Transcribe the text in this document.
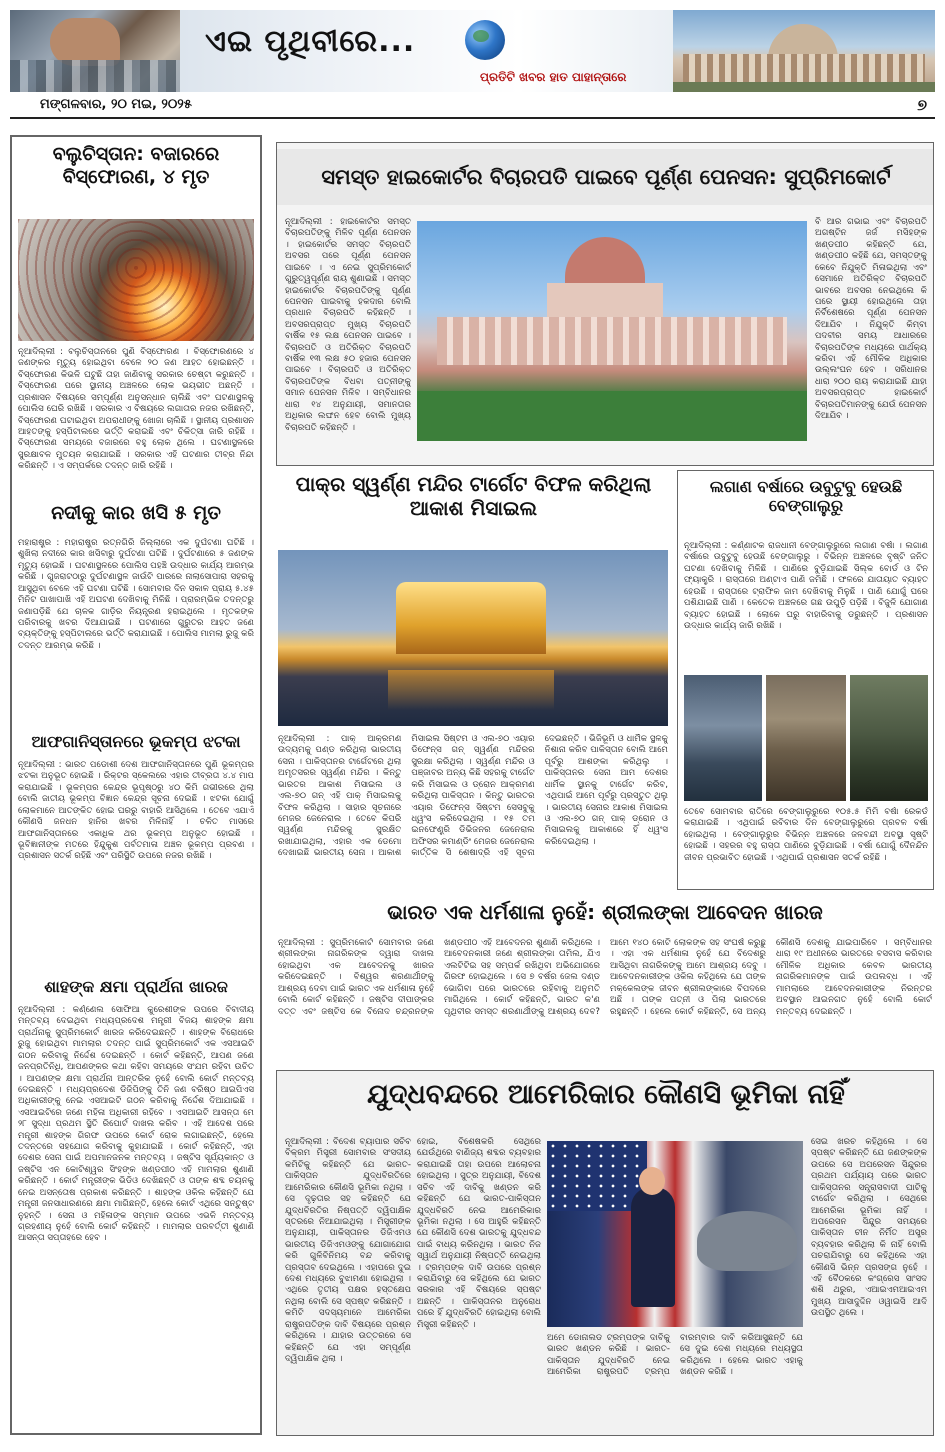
ଏଇ ପୃଥିବୀରେ...
ପ୍ରତିଟି ଖବର ହାତ ପାହାନ୍ତାରେ
ମଙ୍ଗଳବାର, ୨୦ ମଇ, ୨୦୨୫	୭
ବଲୁଚିସ୍ତାନ: ବଜାରରେ ବିସ୍ଫୋରଣ, ୪ ମୃତ
ନୂଆଦିଲ୍ଲୀ : ବଲୁଚିସ୍ତାନରେ ପୁଣି ବିସ୍ଫୋରଣ । ବିସ୍ଫୋରଣରେ ୪ ଜଣଙ୍କର ମୃତ୍ୟୁ ହୋଇଥିବା ବେଳେ ୨୦ ଜଣ ଆହତ ହୋଇଛନ୍ତି । ବିସ୍ଫୋରଣ କିଭଳି ଘଟୁଛି ତାହା ଜାଣିବାକୁ ସରକାର ଚେଷ୍ଟା କରୁଛନ୍ତି । ବିସ୍ଫୋରଣ ପରେ ସ୍ଥାନୀୟ ଅଞ୍ଚଳରେ ଲୋକ ଭୟଭୀତ ଅଛନ୍ତି । ପ୍ରଶାସନ ବିଷୟରେ ସମ୍ପୂର୍ଣ୍ଣ ଅନୁସନ୍ଧାନ ଚାଲିଛି ଏବଂ ଘଟଣାସ୍ଥଳକୁ ପୋଲିସ ଘେରି ରଖିଛି । ସରକାର ଏ ବିଷୟରେ ଲଗାତାର ନଜର ରଖିଛନ୍ତି, ବିସ୍ଫୋରଣ ଘଟାଇଥିବା ଅପରାଧୀଙ୍କୁ ଖୋଜା ଚାଲିଛି । ସ୍ଥାନୀୟ ପ୍ରଶାସନ ଆହତଙ୍କୁ ହସ୍ପିଟାଲରେ ଭର୍ତ୍ତି କରାଇଛି ଏବଂ ଚିକିତ୍ସା ଜାରି ରହିଛି । ବିସ୍ଫୋରଣ ସମୟରେ ବଜାରରେ ବହୁ ଲୋକ ଥିଲେ । ଘଟଣାସ୍ଥଳରେ ସୁରକ୍ଷାବଳ ମୁତୟନ କରାଯାଇଛି । ସରକାର ଏହି ଘଟଣାର ତୀବ୍ର ନିନ୍ଦା କରିଛନ୍ତି । ଏ ସମ୍ପର୍କରେ ତଦନ୍ତ ଜାରି ରହିଛି ।
ନଦୀକୁ କାର ଖସି ୫ ମୃତ
ମହାରାଷ୍ଟ୍ର : ମହାରାଷ୍ଟ୍ର ରତ୍ନଗିରି ଜିଲ୍ଲାରେ ଏକ ଦୁର୍ଘଟଣା ଘଟିଛି । ଶୁଖିଲା ନଦୀରେ କାର ଖସିବାରୁ ଦୁର୍ଘଟଣା ଘଟିଛି । ଦୁର୍ଘଟଣାରେ ୫ ଜଣଙ୍କ ମୃତ୍ୟୁ ହୋଇଛି । ଘଟଣାସ୍ଥଳରେ ପୋଲିସ ପହଞ୍ଚି ଉଦ୍ଧାର କାର୍ଯ୍ୟ ଆରମ୍ଭ କରିଛି । ଗୁଜରାଟଠାରୁ ଦୁର୍ଘଟଣାସ୍ଥଳ ଜାଉଁଟି ପାରରେ ନାଲାସୋପାରା ସହରକୁ ଆସୁଥିବା ବେଳେ ଏହି ଘଟଣା ଘଟିଛି । ସୋମବାର ଦିନ ସକାଳ ପ୍ରାୟ ୫.୪୫ ମିନିଟ ପାଖାପାଖି ଏହି ଅଘଟଣ ଦେଖିବାକୁ ମିଳିଛି । ପ୍ରାରମ୍ଭିକ ତଦନ୍ତରୁ ଜଣାପଡ଼ିଛି ଯେ ଚାଳକ ଗାଡ଼ିର ନିୟନ୍ତ୍ରଣ ହରାଇଥିଲେ । ମୃତକଙ୍କ ପରିବାରକୁ ଖବର ଦିଆଯାଇଛି । ଘଟଣାରେ ଗୁରୁତର ଆହତ ଜଣେ ବ୍ୟକ୍ତିଙ୍କୁ ହସ୍ପିଟାଲରେ ଭର୍ତ୍ତି କରାଯାଇଛି । ପୋଲିସ ମାମଲା ରୁଜୁ କରି ତଦନ୍ତ ଆରମ୍ଭ କରିଛି ।
ଆଫଗାନିସ୍ତାନରେ ଭୂକମ୍ପ ଝଟକା
ନୂଆଦିଲ୍ଲୀ : ଭାରତ ପଡୋଶୀ ଦେଶ ଆଫଗାନିସ୍ତାନରେ ପୁଣି ଭୂକମ୍ପର ଝଟକା ଅନୁଭୂତ ହୋଇଛି । ରିକ୍ଟର ସ୍କେଲରେ ଏହାର ତୀବ୍ରତା ୪.୪ ମାପ କରାଯାଇଛି । ଭୂକମ୍ପର କେନ୍ଦ୍ର ଭୂପୃଷ୍ଠରୁ ୪୦ କିମି ଗଭୀରରେ ଥିଲା ବୋଲି ଜାତୀୟ ଭୂକମ୍ପ ବିଜ୍ଞାନ କେନ୍ଦ୍ର ସୂଚନା ଦେଇଛି । ଝଟକା ଯୋଗୁଁ ଲୋକମାନେ ଆତଙ୍କିତ ହୋଇ ଘରରୁ ବାହାରି ଆସିଥିଲେ । ତେବେ ଏଯାଏଁ କୌଣସି ଜନଧନ ହାନିର ଖବର ମିଳିନାହିଁ । ଚଳିତ ମାସରେ ଆଫଗାନିସ୍ତାନରେ ଏକାଧିକ ଥର ଭୂକମ୍ପ ଅନୁଭୂତ ହୋଇଛି । ଭୂବିଜ୍ଞାନୀଙ୍କ ମତରେ ହିନ୍ଦୁକୁଶ ପର୍ବତମାଳା ଅଞ୍ଚଳ ଭୂକମ୍ପ ପ୍ରବଣ । ପ୍ରଶାସନ ସତର୍କ ରହିଛି ଏବଂ ପରିସ୍ଥିତି ଉପରେ ନଜର ରଖିଛି ।
ଶାହଙ୍କ କ୍ଷମା ପ୍ରାର୍ଥନା ଖାରଜ
ନୂଆଦିଲ୍ଲୀ : କର୍ଣ୍ଣେଲ ସୋଫିଆ କୁରେଶୀଙ୍କ ଉପରେ ବିବାଦୀୟ ମନ୍ତବ୍ୟ ଦେଇଥିବା ମଧ୍ୟପ୍ରଦେଶ ମନ୍ତ୍ରୀ ବିଜୟ ଶାହଙ୍କ କ୍ଷମା ପ୍ରାର୍ଥନାକୁ ସୁପ୍ରିମକୋର୍ଟ ଖାରଜ କରିଦେଇଛନ୍ତି । ଶାହଙ୍କ ବିରୋଧରେ ରୁଜୁ ହୋଇଥିବା ମାମଲାର ତଦନ୍ତ ପାଇଁ ସୁପ୍ରିମକୋର୍ଟ ଏକ ଏସଆଇଟି ଗଠନ କରିବାକୁ ନିର୍ଦ୍ଦେଶ ଦେଇଛନ୍ତି । କୋର୍ଟ କହିଛନ୍ତି, ଆପଣ ଜଣେ ଜନପ୍ରତିନିଧି, ଆପଣଙ୍କର କଥା କହିବା ସମୟରେ ସଂଯମ ରହିବା ଉଚିତ । ଆପଣଙ୍କ କ୍ଷମା ପ୍ରାର୍ଥନା ଆନ୍ତରିକ ନୁହେଁ ବୋଲି କୋର୍ଟ ମନ୍ତବ୍ୟ ଦେଇଛନ୍ତି । ମଧ୍ୟପ୍ରଦେଶ ଡିଜିପିଙ୍କୁ ତିନି ଜଣ ବରିଷ୍ଠ ଆଇପିଏସ ଅଧିକାରୀଙ୍କୁ ନେଇ ଏସଆଇଟି ଗଠନ କରିବାକୁ ନିର୍ଦ୍ଦେଶ ଦିଆଯାଇଛି । ଏସଆଇଟିରେ ଜଣେ ମହିଳା ଅଧିକାରୀ ରହିବେ । ଏସଆଇଟି ଆସନ୍ତା ମେ ୨୮ ସୁଦ୍ଧା ପ୍ରଥମ ସ୍ଥିତି ରିପୋର୍ଟ ଦାଖଲ କରିବ । ଏହି ଆଦେଶ ପରେ ମନ୍ତ୍ରୀ ଶାହଙ୍କ ଗିରଫ ଉପରେ କୋର୍ଟ ରୋକ ଲଗାଇଛନ୍ତି, ହେଲେ ତଦନ୍ତରେ ସହଯୋଗ କରିବାକୁ କୁହାଯାଇଛି । କୋର୍ଟ କହିଛନ୍ତି, ଏହା ଦେଶର ସେନା ପାଇଁ ଅପମାନଜନକ ମନ୍ତବ୍ୟ । ଜଷ୍ଟିସ ସୂର୍ଯ୍ୟକାନ୍ତ ଓ ଜଷ୍ଟିସ ଏନ କୋଟିଶ୍ୱର ସିଂହଙ୍କ ଖଣ୍ଡପୀଠ ଏହି ମାମଲାର ଶୁଣାଣି କରିଛନ୍ତି । କୋର୍ଟ ମନ୍ତ୍ରୀଙ୍କ ଭିଡିଓ ଦେଖିଛନ୍ତି ଓ ତାଙ୍କ ଶବ୍ଦ ଚୟନକୁ ନେଇ ଅସନ୍ତୋଷ ପ୍ରକାଶ କରିଛନ୍ତି । ଶାହଙ୍କ ଓକିଲ କହିଛନ୍ତି ଯେ ମନ୍ତ୍ରୀ ଜନସାଧାରଣରେ କ୍ଷମା ମାଗିଛନ୍ତି, ହେଲେ କୋର୍ଟ ଏଥିରେ ସନ୍ତୁଷ୍ଟ ନୁହନ୍ତି । ସେନା ଓ ମହିଳାଙ୍କ ସମ୍ମାନ ଉପରେ ଏଭଳି ମନ୍ତବ୍ୟ ଗ୍ରହଣୀୟ ନୁହେଁ ବୋଲି କୋର୍ଟ କହିଛନ୍ତି । ମାମଲାର ପରବର୍ତ୍ତୀ ଶୁଣାଣି ଆସନ୍ତା ସପ୍ତାହରେ ହେବ ।
ସମସ୍ତ ହାଇକୋର୍ଟର ବିଚାରପତି ପାଇବେ ପୂର୍ଣ୍ଣ ପେନସନ: ସୁପ୍ରିମକୋର୍ଟ
ନୂଆଦିଲ୍ଲୀ : ହାଇକୋର୍ଟର ସମସ୍ତ ବିଚାରପତିଙ୍କୁ ମିଳିବ ପୂର୍ଣ୍ଣ ପେନସନ । ହାଇକୋର୍ଟର ସମସ୍ତ ବିଚାରପତି ଅବସର ପରେ ପୂର୍ଣ୍ଣ ପେନସନ ପାଇବେ । ଏ ନେଇ ସୁପ୍ରିମକୋର୍ଟ ଗୁରୁତ୍ୱପୂର୍ଣ୍ଣ ରାୟ ଶୁଣାଇଛି । ସମସ୍ତ ହାଇକୋର୍ଟର ବିଚାରପତିଙ୍କୁ ପୂର୍ଣ୍ଣ ପେନସନ ପାଇବାକୁ ହକଦାର ବୋଲି ପ୍ରଧାନ ବିଚାରପତି କହିଛନ୍ତି । ଅବସରପ୍ରାପ୍ତ ମୁଖ୍ୟ ବିଚାରପତି ବାର୍ଷିକ ୧୫ ଲକ୍ଷ ପେନସନ ପାଇବେ । ବିଚାରପତି ଓ ଅତିରିକ୍ତ ବିଚାରପତି ବାର୍ଷିକ ୧୩ ଲକ୍ଷ ୫୦ ହଜାର ପେନସନ ପାଇବେ । ବିଚାରପତି ଓ ଅତିରିକ୍ତ ବିଚାରପତିଙ୍କ ବିଧବା ପତ୍ନୀଙ୍କୁ ସମାନ ପେନସନ ମିଳିବ । ସମ୍ବିଧାନର ଧାରା ୧୪ ଅନୁଯାୟୀ, ସମାନତାର ଅଧିକାର ଲଙ୍ଘନ ହେବ ବୋଲି ମୁଖ୍ୟ ବିଚାରପତି କହିଛନ୍ତି ।
ବି ଆର ଗଭାଇ ଏବଂ ବିଚାରପତି ଅଗଷ୍ଟିନ ଜର୍ଜ ମସିହଙ୍କ ଖଣ୍ଡପୀଠ କହିଛନ୍ତି ଯେ, ଖଣ୍ଡପୀଠ କହିଛି ଯେ, ସମସ୍ତଙ୍କୁ କେବେ ନିଯୁକ୍ତି ମିଳାଇଥିଲା ଏବଂ ସେମାନେ ଅତିରିକ୍ତ ବିଚାରପତି ଭାବରେ ଅବସର ନେଇଥିଲେ କି ପରେ ସ୍ଥାୟୀ ହୋଇଥିଲେ ତାହା ନିର୍ବିଶେଷରେ ପୂର୍ଣ୍ଣ ପେନସନ ଦିଆଯିବ । ନିଯୁକ୍ତି କିମ୍ବା ପଦବୀର ସମୟ ଆଧାରରେ ବିଚାରପତିଙ୍କ ମଧ୍ୟରେ ପାର୍ଥକ୍ୟ କରିବା ଏହି ମୌଳିକ ଅଧିକାର ଉଲ୍ଲଂଘନ ହେବ । ସରିଧାନର ଧାରା ୨୦୦ ରାୟ କରାଯାଇଛି ଯାହା ଅବସରପ୍ରାପ୍ତ ହାଇକୋର୍ଟ ବିଚାରପତିମାନଙ୍କୁ ଯେଉଁ ପେନସନ ଦିଆଯିବ ।
ପାକ୍‌ର ସ୍ୱର୍ଣ୍ଣ ମନ୍ଦିର ଟାର୍ଗେଟ ବିଫଳ କରିଥିଲା ଆକାଶ ମିସାଇଲ
ନୂଆଦିଲ୍ଲୀ : ପାକ୍ ଆକ୍ରମଣ ଉଦ୍ୟମକୁ ପଣ୍ଡ କରିଥିଲା ଭାରତୀୟ ସେନା । ପାକିସ୍ତାନର ଟାର୍ଗେଟରେ ଥିଲା ଅମୃତସରର ସ୍ୱର୍ଣ୍ଣ ମନ୍ଦିର । କିନ୍ତୁ ଭାରତର ଆକାଶ ମିସାଇଲ ଓ ଏଲ-୭୦ ଗନ୍ ଏହି ପାକ୍ ମିସାଇଲକୁ ବିଫଳ କରିଥିଲା । ସାହାର ସୂଚନାରେ ମେଜର ଜେନେରାଲ । ତେବେ କିପରି ସ୍ୱର୍ଣ୍ଣ ମନ୍ଦିରକୁ ସୁରକ୍ଷିତ ରଖାଯାଇଥିଲା, ଏହାର ଏକ ଡେମୋ ଦେଖାଇଛି ଭାରତୀୟ ସେନା । ଆକାଶ ମିସାଇଲ ସିଷ୍ଟମ ଓ ଏଲ-୭୦ ଏୟାର ଡିଫେନ୍ସ ଗନ୍ ସ୍ୱର୍ଣ୍ଣ ମନ୍ଦିରର ସୁରକ୍ଷା କରିଥିଲା । ସ୍ୱର୍ଣ୍ଣ ମନ୍ଦିର ଓ ପଞ୍ଜାବର ଅନ୍ୟ କିଛି ସହରକୁ ଟାର୍ଗେଟ କରି ମିସାଇଲ ଓ ଡ୍ରୋନ ଆକ୍ରମଣ କରିଥିଲା ପାକିସ୍ତାନ । କିନ୍ତୁ ଭାରତର ଏୟାର ଡିଫେନ୍ସ ସିଷ୍ଟମ ସେସବୁକୁ ଧ୍ୱଂସ କରିଦେଇଥିଲା । ୧୫ ତମ ଇନଫେଣ୍ଟ୍ରି ଡିଭିଜନର ଜେନେରାଲ ଅଫିସର କମାଣ୍ଡିଂ ମେଜର ଜେନେରାଲ କାର୍ତ୍ତିକ ସି ଶେଷାଦ୍ରି ଏହି ସୂଚନା ଦେଇଛନ୍ତି । ଭିଜିଭୂମି ଓ ଧାର୍ମିକ ସ୍ଥଳକୁ ନିଶାନା କରିବ ପାକିସ୍ତାନ ବୋଲି ଆମେ ପୂର୍ବରୁ ଆଶଙ୍କା କରିଥିଲୁ । ପାକିସ୍ତାନର ସେନା ଆମ ଦେଶର ଧାର୍ମିକ ସ୍ଥାନକୁ ଟାର୍ଗେଟ କରିବ, ଏଥିପାଇଁ ଆମେ ପୂର୍ବରୁ ପ୍ରସ୍ତୁତ ଥିଲୁ । ଭାରତୀୟ ସେନାର ଆକାଶ ମିସାଇଲ ଓ ଏଲ-୭୦ ଗନ୍ ପାକ୍ ଡ୍ରୋନ ଓ ମିସାଇଲକୁ ଆକାଶରେ ହିଁ ଧ୍ୱଂସ କରିଦେଇଥିଲା ।
ଲଗାଣ ବର୍ଷାରେ ଉବୁଟୁବୁ ହେଉଛି ବେଙ୍ଗାଲୁରୁ
ନୂଆଦିଲ୍ଲୀ : କର୍ଣ୍ଣାଟକ ରାଜଧାନୀ ବେଙ୍ଗାଲୁରୁରେ ଲଗାଣ ବର୍ଷା । ଲଗାଣ ବର୍ଷାରେ ଉବୁଟୁବୁ ହେଉଛି ବେଙ୍ଗାଲୁରୁ । ବିଭିନ୍ନ ଅଞ୍ଚଳରେ ବୃଷ୍ଟି ଜନିତ ଘଟଣା ଦେଖିବାକୁ ମିଳିଛି । ପାଣିରେ ବୁଡ଼ିଯାଇଛି ସିଲ୍କ ବୋର୍ଡ ଓ ଟିନ ଫ୍ୟାକ୍ଟ୍ରି । ରାସ୍ତାରେ ଅଣ୍ଟାଏ ପାଣି ଜମିଛି । ଫଳରେ ଯାତାୟାତ ବ୍ୟାହତ ହେଉଛି । ରାସ୍ତାରେ ଟ୍ରାଫିକ ଜାମ ଦେଖିବାକୁ ମିଳୁଛି । ପାଣି ଯୋଗୁଁ ଘରେ ପଶିଯାଇଛି ପାଣି । କେତେକ ଅଞ୍ଚଳରେ ଗଛ ଉପୁଡ଼ି ପଡ଼ିଛି । ବିଜୁଳି ଯୋଗାଣ ବ୍ୟାହତ ହୋଇଛି । ଲୋକେ ଘରୁ ବାହାରିବାକୁ ଡରୁଛନ୍ତି । ପ୍ରଶାସନ ଉଦ୍ଧାର କାର୍ଯ୍ୟ ଜାରି ରଖିଛି ।
ତେବେ ସୋମବାର ରାତିରେ ବେଙ୍ଗାଲୁରୁରେ ୧୦୫.୫ ମିମି ବର୍ଷା ରେକର୍ଡ କରାଯାଇଛି । ଏଥିପାଇଁ ରବିବାର ଦିନ ବେଙ୍ଗାଲୁରୁରେ ପ୍ରବଳ ବର୍ଷା ହୋଇଥିଲା । ବେଙ୍ଗାଲୁରୁର ବିଭିନ୍ନ ଅଞ୍ଚଳରେ ଜଳବନ୍ଦୀ ଅବସ୍ଥା ସୃଷ୍ଟି ହୋଇଛି । ସହରର ବହୁ ରାସ୍ତା ପାଣିରେ ବୁଡ଼ିଯାଇଛି । ବର୍ଷା ଯୋଗୁଁ ଦୈନନ୍ଦିନ ଜୀବନ ପ୍ରଭାବିତ ହୋଇଛି । ଏଥିପାଇଁ ପ୍ରଶାସନ ସତର୍କ ରହିଛି ।
ଭାରତ ଏକ ଧର୍ମଶାଳା ନୁହେଁ: ଶ୍ରୀଲଙ୍କା ଆବେଦନ ଖାରଜ
ନୂଆଦିଲ୍ଲୀ : ସୁପ୍ରିମକୋର୍ଟ ସୋମବାର ଜଣେ ଶ୍ରୀଲଙ୍କା ନାଗରିକଙ୍କ ଦ୍ୱାରା ଦାଖଲ ହୋଇଥିବା ଏକ ଆବେଦନକୁ ଖାରଜ କରିଦେଇଛନ୍ତି । ବିଶ୍ୱର ଶରଣାର୍ଥୀଙ୍କୁ ଆଶ୍ରୟ ଦେବା ପାଇଁ ଭାରତ ଏକ ଧର୍ମଶାଳା ନୁହେଁ ବୋଲି କୋର୍ଟ କହିଛନ୍ତି । ଜଷ୍ଟିସ ଦୀପାଙ୍କର ଦତ୍ତ ଏବଂ ଜଷ୍ଟିସ କେ ବିନୋଦ ଚନ୍ଦ୍ରନଙ୍କ ଖଣ୍ଡପୀଠ ଏହି ଆବେଦନର ଶୁଣାଣି କରିଥିଲେ । ଆବେଦନକାରୀ ଜଣେ ଶ୍ରୀଲଙ୍କା ତାମିଲ, ଯିଏ ଏଲଟିଟିଇ ସହ ସମ୍ପର୍କ ରଖିଥିବା ଅଭିଯୋଗରେ ଗିରଫ ହୋଇଥିଲେ । ସେ ୭ ବର୍ଷର ଜେଲ ଦଣ୍ଡ ଭୋଗିବା ପରେ ଭାରତରେ ରହିବାକୁ ଅନୁମତି ମାଗିଥିଲେ । କୋର୍ଟ କହିଛନ୍ତି, ଭାରତ କ'ଣ ପୃଥିବୀର ସମସ୍ତ ଶରଣାର୍ଥୀଙ୍କୁ ଆଶ୍ରୟ ଦେବ? ଆମେ ୧୪୦ କୋଟି ଲୋକଙ୍କ ସହ ସଂଘର୍ଷ କରୁଛୁ । ଏହା ଏକ ଧର୍ମଶାଳା ନୁହେଁ ଯେ ବିଦେଶରୁ ଆସିଥିବା ନାଗରିକଙ୍କୁ ଆମେ ଆଶ୍ରୟ ଦେବୁ । ଆବେଦନକାରୀଙ୍କ ଓକିଲ କହିଥିଲେ ଯେ ତାଙ୍କ ମକ୍କେଲଙ୍କ ଜୀବନ ଶ୍ରୀଲଙ୍କାରେ ବିପଦରେ ଅଛି । ତାଙ୍କ ପତ୍ନୀ ଓ ପିଲା ଭାରତରେ ରହୁଛନ୍ତି । ହେଲେ କୋର୍ଟ କହିଛନ୍ତି, ସେ ଅନ୍ୟ କୌଣସି ଦେଶକୁ ଯାଇପାରିବେ । ସମ୍ବିଧାନର ଧାରା ୧୯ ଅଧୀନରେ ଭାରତରେ ବସବାସ କରିବାର ମୌଳିକ ଅଧିକାର କେବଳ ଭାରତୀୟ ନାଗରିକମାନଙ୍କ ପାଇଁ ଉପଲବ୍ଧ । ଏହି ମାମଲାରେ ଆବେଦନକାରୀଙ୍କ ନିରନ୍ତର ଅବସ୍ଥାନ ଆଇନଗତ ନୁହେଁ ବୋଲି କୋର୍ଟ ମନ୍ତବ୍ୟ ଦେଇଛନ୍ତି ।
ଯୁଦ୍ଧବନ୍ଦରେ ଆମେରିକାର କୌଣସି ଭୂମିକା ନାହିଁ
ନୂଆଦିଲ୍ଲୀ : ବିଦେଶ ବ୍ୟାପାର ସଚିବ ବିକ୍ରମ ମିସ୍ତ୍ରୀ ସୋମବାର ସଂସଦୀୟ କମିଟିକୁ କହିଛନ୍ତି ଯେ ଭାରତ-ପାକିସ୍ତାନ ଯୁଦ୍ଧବିରତିରେ ଆମେରିକାର କୌଣସି ଭୂମିକା ନଥିଲା । ସେ ଦୃଢ଼ତାର ସହ କହିଛନ୍ତି ଯେ ଯୁଦ୍ଧବିରତିର ନିଷ୍ପତ୍ତି ଦ୍ୱିପାକ୍ଷିକ ସ୍ତରରେ ନିଆଯାଇଥିଲା । ମିସ୍ତ୍ରୀଙ୍କ ଅନୁଯାୟୀ, ପାକିସ୍ତାନର ଡିଜିଏମଓ ଭାରତୀୟ ଡିଜିଏମଓଙ୍କୁ ଯୋଗାଯୋଗ କରି ଗୁଳିବିନିମୟ ବନ୍ଦ କରିବାକୁ ପ୍ରସ୍ତାବ ଦେଇଥିଲେ । ଏହାପରେ ଦୁଇ ଦେଶ ମଧ୍ୟରେ ବୁଝାମଣା ହୋଇଥିଲା । ଏଥିରେ ତୃତୀୟ ପକ୍ଷର ହସ୍ତକ୍ଷେପ ନଥିଲା ବୋଲି ସେ ସ୍ପଷ୍ଟ କରିଛନ୍ତି । କମିଟି ସଦସ୍ୟମାନେ ଆମେରିକା ରାଷ୍ଟ୍ରପତିଙ୍କ ଦାବି ବିଷୟରେ ପ୍ରଶ୍ନ କରିଥିଲେ । ଯାହାର ଉତ୍ତରରେ ସେ କହିଛନ୍ତି ଯେ ଏହା ସମ୍ପୂର୍ଣ୍ଣ ଦ୍ୱିପାକ୍ଷିକ ଥିଲା ।
ହୋଇ, ବିଶେଷକରି ସେଥିରେ ଯେଉଁଥିରେ ବାଣିଜ୍ୟ ଶବ୍ଦର ବ୍ୟବହାର କରାଯାଇଛି ତାହା ଉପରେ ଆଲୋଚନା ହୋଇଥିଲା । ସୁତ୍ର ଅନୁଯାୟୀ, ବିଦେଶ ସଚିବ ଏହି ଦାବିକୁ ଖଣ୍ଡନ କରି କହିଛନ୍ତି ଯେ ଭାରତ-ପାକିସ୍ତାନ ଯୁଦ୍ଧବିରତି ନେଇ ଆମେରିକାର ଭୂମିକା ନଥିଲା । ସେ ଆହୁରି କହିଛନ୍ତି ଯେ କୌଣସି ଦେଶ ଭାରତକୁ ଯୁଦ୍ଧବନ୍ଦ ପାଇଁ ବାଧ୍ୟ କରିନଥିଲା । ଭାରତ ନିଜ ସ୍ୱାର୍ଥ ଅନୁଯାୟୀ ନିଷ୍ପତ୍ତି ନେଇଥିଲା । ଟ୍ରମ୍ପଙ୍କ ଦାବି ଉପରେ ପ୍ରଶ୍ନ କରାଯିବାରୁ ସେ କହିଥିଲେ ଯେ ଭାରତ ସରକାର ଏହି ବିଷୟରେ ସ୍ପଷ୍ଟ ଅଛନ୍ତି । ପାକିସ୍ତାନର ଅନୁରୋଧ ପରେ ହିଁ ଯୁଦ୍ଧବିରତି ହୋଇଥିଲା ବୋଲି ମିସ୍ତ୍ରୀ କହିଛନ୍ତି ।
ଅମେ ଡୋନାଲଡ ଟ୍ରମ୍ପଙ୍କ ଦାବିକୁ ଭାରତ ଖଣ୍ଡନ କରିଛି । ଭାରତ-ପାକିସ୍ତାନ ଯୁଦ୍ଧବିରତି ନେଇ ଆମେରିକା ରାଷ୍ଟ୍ରପତି ଟ୍ରମ୍ପ ବାରମ୍ବାର ଦାବି କରିଆସୁଛନ୍ତି ଯେ ସେ ଦୁଇ ଦେଶ ମଧ୍ୟରେ ମଧ୍ୟସ୍ଥତା କରିଥିଲେ । ହେଲେ ଭାରତ ଏହାକୁ ଖଣ୍ଡନ କରିଛି ।
ସେଇ ଖରଚ କହିଥିଲେ । ସେ ସ୍ପଷ୍ଟ କରିଛନ୍ତି ଯେ ଜଣଙ୍କଙ୍କ ଉପରେ ସେ ଅପରେସନ ସିନ୍ଦୁରର ପ୍ରଥମ ପର୍ଯ୍ୟାୟ ପରେ ଭାରତ ପାକିସ୍ତାନର ସନ୍ତ୍ରାସବାଦୀ ଘାଟିକୁ ଟାର୍ଗେଟ କରିଥିଲା । ସେଥିରେ ଆମେରିକା ଭୂମିକା ନାହିଁ । ଅପରେସନ ସିନ୍ଦୁର ସମୟରେ ପାକିସ୍ତାନ ଚୀନ ନିର୍ମିତ ଅସ୍ତ୍ର ବ୍ୟବହାର କରିଥିଲା କି ନାହିଁ ବୋଲି ପଚରାଯିବାରୁ ସେ କହିଥିଲେ ଏହା କୌଣସି ଭିନ୍ନ ପ୍ରସଙ୍ଗ ନୁହେଁ । ଏହି ବୈଠକରେ କଂଗ୍ରେସ ସାଂସଦ ଶଶି ଥରୁର, ଏଆଇଏମଆଇଏମ ମୁଖ୍ୟ ଆସାଦୁଦ୍ଦିନ ଓୱାଇସି ଆଦି ଉପସ୍ଥିତ ଥିଲେ ।
